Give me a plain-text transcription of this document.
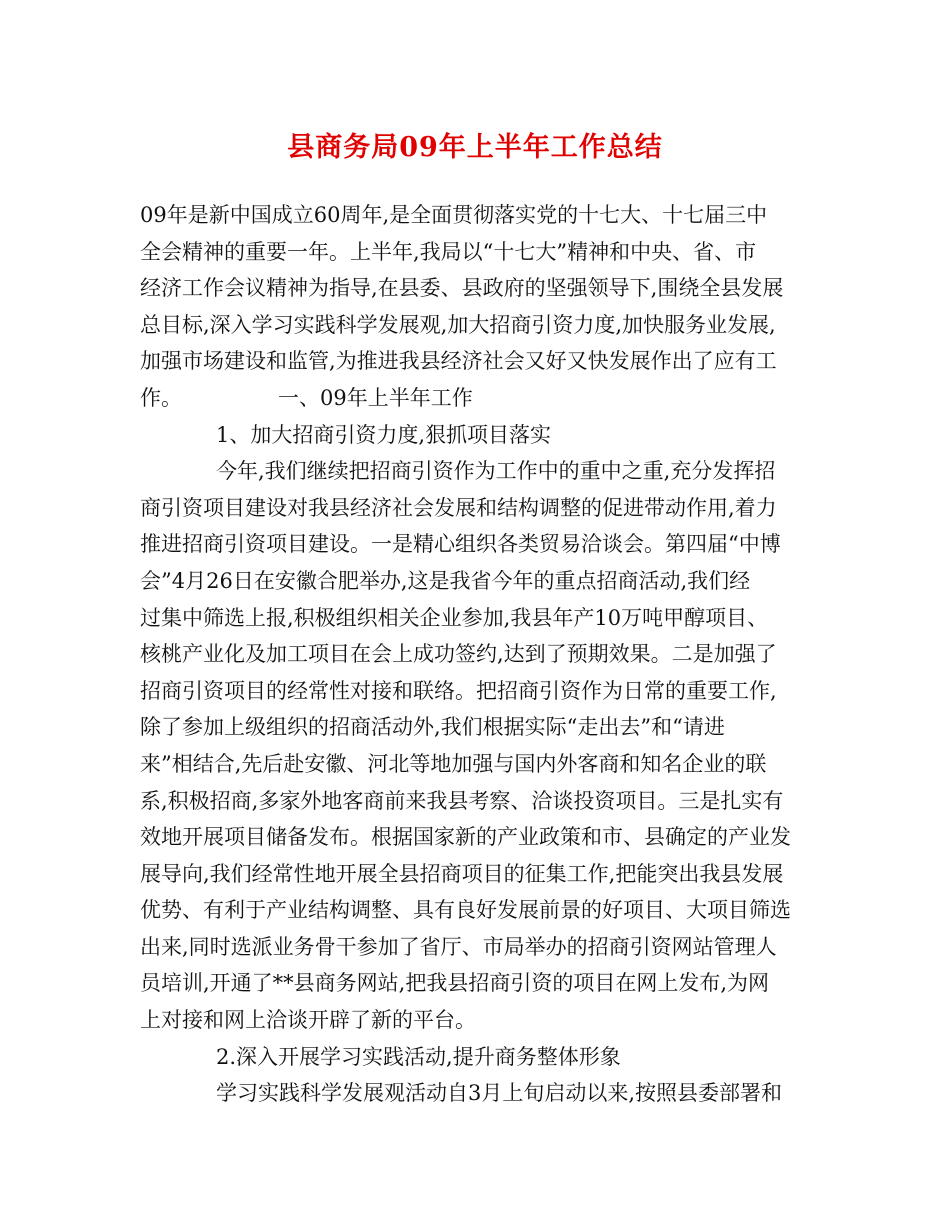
县商务局09年上半年工作总结
09年是新中国成立60周年,是全面贯彻落实党的十七大、十七届三中
全会精神的重要一年。上半年,我局以“十七大”精神和中央、省、市
经济工作会议精神为指导,在县委、县政府的坚强领导下,围绕全县发展
总目标,深入学习实践科学发展观,加大招商引资力度,加快服务业发展,
加强市场建设和监管,为推进我县经济社会又好又快发展作出了应有工
作。	一、09年上半年工作
1、加大招商引资力度,狠抓项目落实
今年,我们继续把招商引资作为工作中的重中之重,充分发挥招
商引资项目建设对我县经济社会发展和结构调整的促进带动作用,着力
推进招商引资项目建设。一是精心组织各类贸易洽谈会。第四届“中博
会”4月26日在安徽合肥举办,这是我省今年的重点招商活动,我们经
过集中筛选上报,积极组织相关企业参加,我县年产10万吨甲醇项目、
核桃产业化及加工项目在会上成功签约,达到了预期效果。二是加强了
招商引资项目的经常性对接和联络。把招商引资作为日常的重要工作,
除了参加上级组织的招商活动外,我们根据实际“走出去”和“请进
来”相结合,先后赴安徽、河北等地加强与国内外客商和知名企业的联
系,积极招商,多家外地客商前来我县考察、洽谈投资项目。三是扎实有
效地开展项目储备发布。根据国家新的产业政策和市、县确定的产业发
展导向,我们经常性地开展全县招商项目的征集工作,把能突出我县发展
优势、有利于产业结构调整、具有良好发展前景的好项目、大项目筛选
出来,同时选派业务骨干参加了省厅、市局举办的招商引资网站管理人
员培训,开通了**县商务网站,把我县招商引资的项目在网上发布,为网
上对接和网上洽谈开辟了新的平台。
2.深入开展学习实践活动,提升商务整体形象
学习实践科学发展观活动自3月上旬启动以来,按照县委部署和
